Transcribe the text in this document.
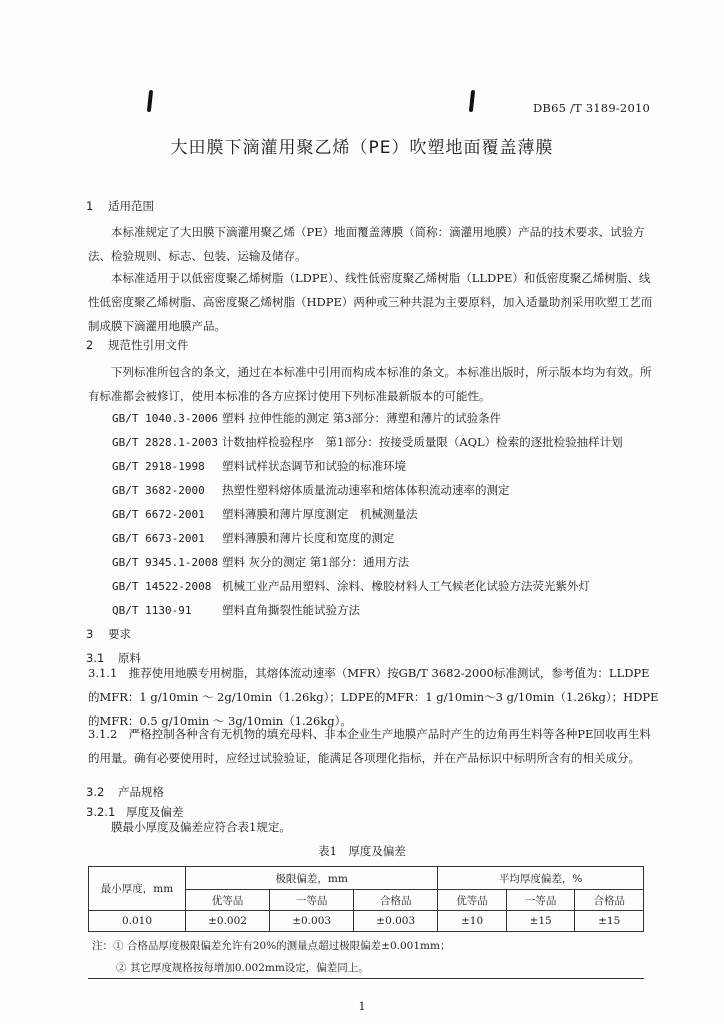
DB65 /T 3189-2010
大田膜下滴灌用聚乙烯（PE）吹塑地面覆盖薄膜
1 适用范围

本标准规定了大田膜下滴灌用聚乙烯（PE）地面覆盖薄膜（简称：滴灌用地膜）产品的技术要求、试验方法、检验规则、标志、包装、运输及储存。

本标准适用于以低密度聚乙烯树脂（LDPE）、线性低密度聚乙烯树脂（LLDPE）和低密度聚乙烯树脂、线性低密度聚乙烯树脂、高密度聚乙烯树脂（HDPE）两种或三种共混为主要原料，加入适量助剂采用吹塑工艺而制成膜下滴灌用地膜产品。

2 规范性引用文件

下列标准所包含的条文，通过在本标准中引用而构成本标准的条文。本标准出版时，所示版本均为有效。所有标准都会被修订，使用本标准的各方应探讨使用下列标准最新版本的可能性。

GB/T 1040.3-2006 塑料 拉伸性能的测定 第3部分：薄塑和薄片的试验条件
GB/T 2828.1-2003 计数抽样检验程序　第1部分：按接受质量限（AQL）检索的逐批检验抽样计划
GB/T 2918-1998 塑料试样状态调节和试验的标准环境
GB/T 3682-2000 热塑性塑料熔体质量流动速率和熔体体积流动速率的测定
GB/T 6672-2001 塑料薄膜和薄片厚度测定　机械测量法
GB/T 6673-2001 塑料薄膜和薄片长度和宽度的测定
GB/T 9345.1-2008 塑料 灰分的测定 第1部分：通用方法
GB/T 14522-2008 机械工业产品用塑料、涂料、橡胶材料人工气候老化试验方法荧光紫外灯
QB/T 1130-91	塑料直角撕裂性能试验方法
3 要求
3.1 原料

3.1.1　推荐使用地膜专用树脂，其熔体流动速率（MFR）按GB/T 3682-2000标准测试，参考值为：LLDPE的MFR：1 g/10min ～ 2g/10min（1.26kg）；LDPE的MFR：1 g/10min～3 g/10min（1.26kg）；HDPE的MFR：0.5 g/10min ～ 3g/10min（1.26kg）。

3.1.2　严格控制各种含有无机物的填充母料、非本企业生产地膜产品时产生的边角再生料等各种PE回收再生料的用量。确有必要使用时，应经过试验验证，能满足各项理化指标，并在产品标识中标明所含有的相关成分。

3.2 产品规格
3.2.1 厚度及偏差
膜最小厚度及偏差应符合表1规定。
表1　厚度及偏差
最小厚度，mm	极限偏差，mm			平均厚度偏差，%		
	优等品	一等品	合格品	优等品	一等品	合格品
0.010	±0.002	±0.003	±0.003	±10	±15	±15
注：① 合格品厚度极限偏差允许有20%的测量点超过极限偏差±0.001mm；
② 其它厚度规格按每增加0.002mm设定，偏差同上。
1
